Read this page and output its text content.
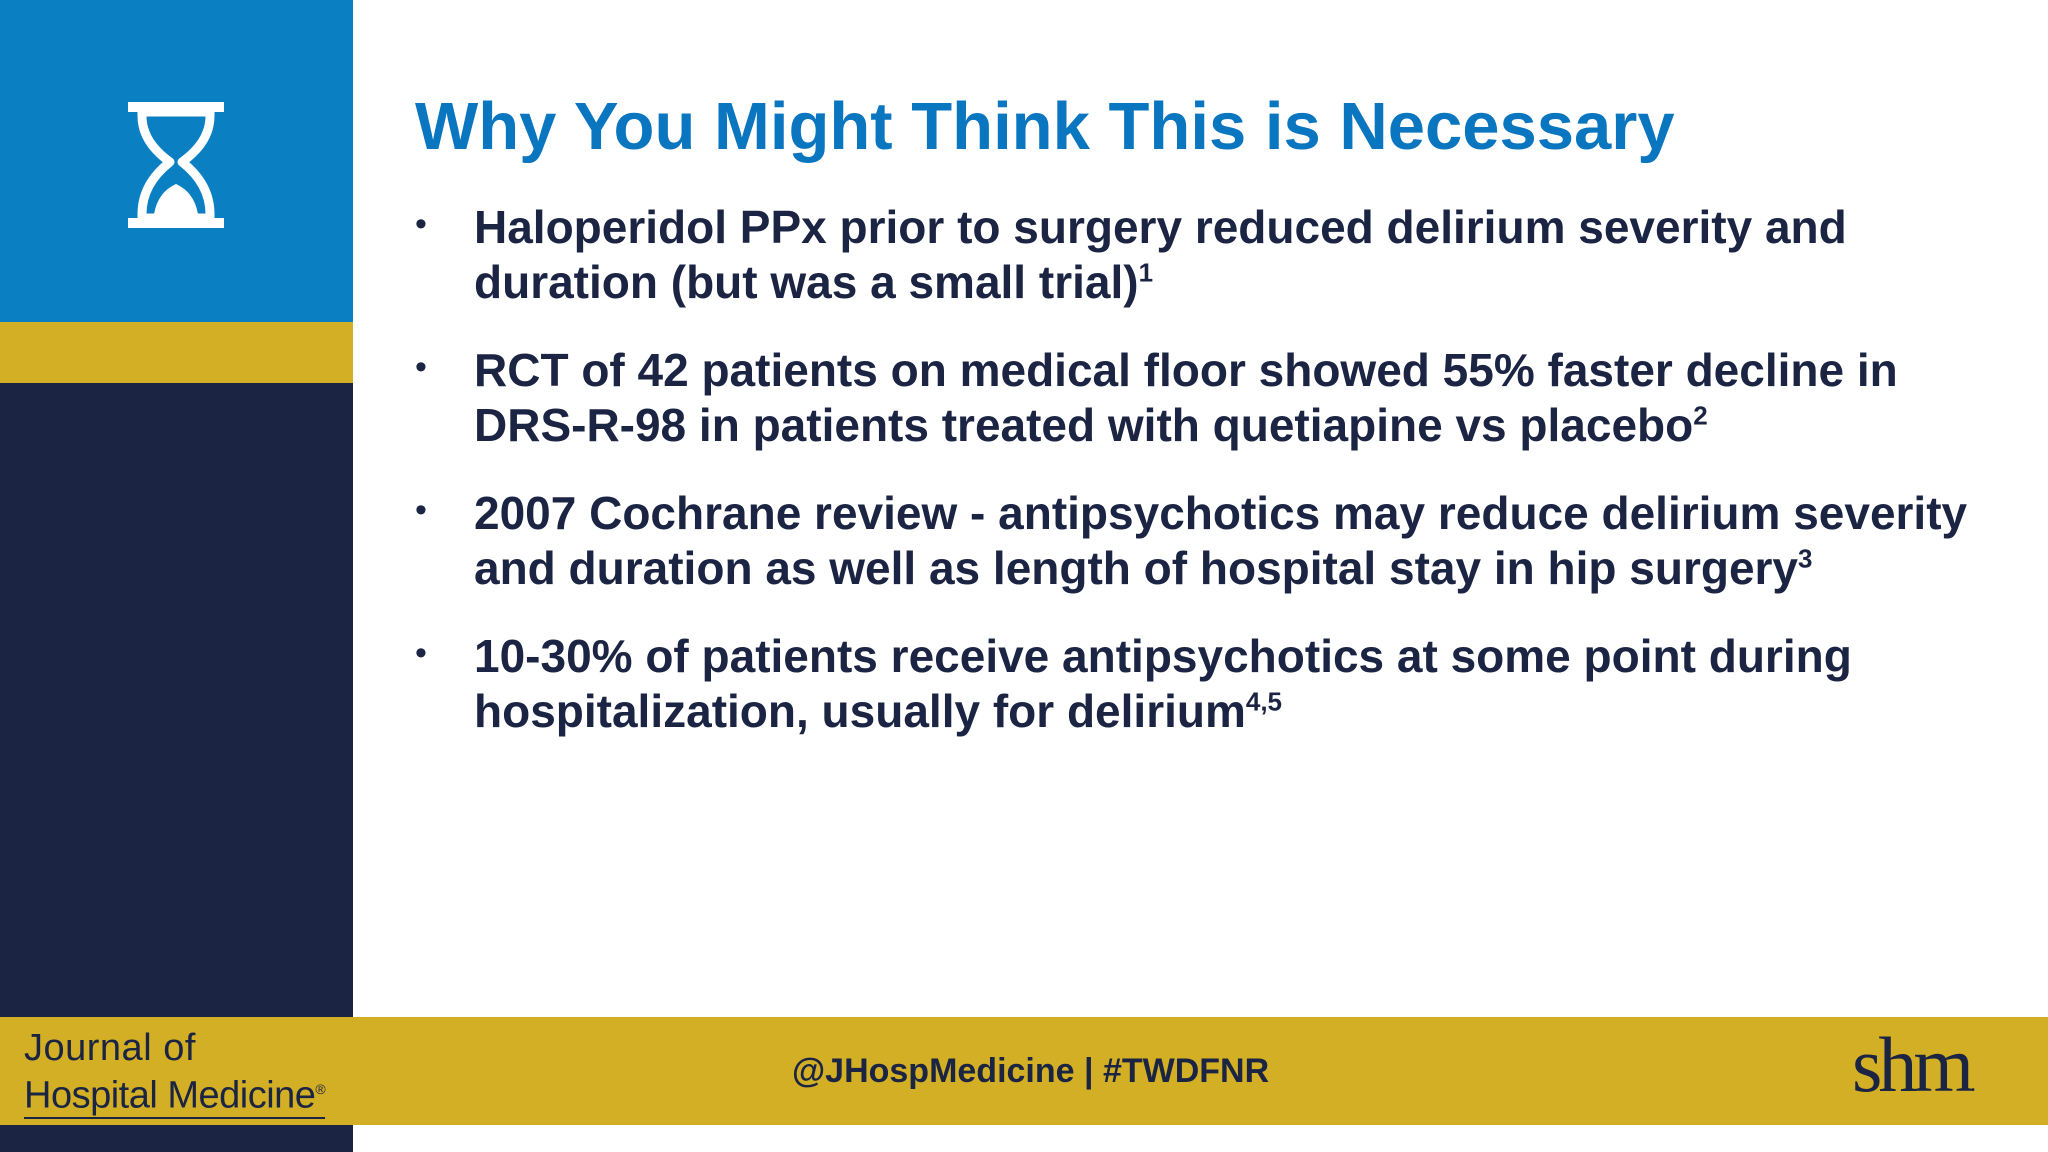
Why You Might Think This is Necessary
• Haloperidol PPx prior to surgery reduced delirium severity and duration (but was a small trial)$^1$
• RCT of 42 patients on medical floor showed 55% faster decline in DRS-R-98 in patients treated with quetiapine vs placebo$^2$
• 2007 Cochrane review - antipsychotics may reduce delirium severity and duration as well as length of hospital stay in hip surgery$^3$
• 10-30% of patients receive antipsychotics at some point during hospitalization, usually for delirium$^{4,5}$
Journal of
Hospital Medicine®	@JHospMedicine | #TWDFNR	shm.
